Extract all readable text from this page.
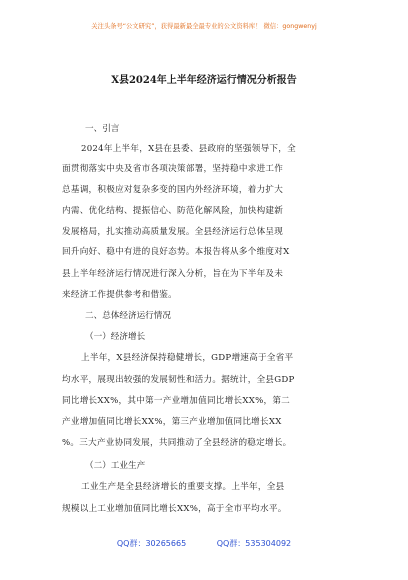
关注头条号“公文研究”，获得最新最全最专业的公文资料库！ 微信：gongwenyj
X县2024年上半年经济运行情况分析报告
一、引言
2024年上半年，X县在县委、县政府的坚强领导下，全
面贯彻落实中央及省市各项决策部署，坚持稳中求进工作
总基调，积极应对复杂多变的国内外经济环境，着力扩大
内需、优化结构、提振信心、防范化解风险，加快构建新
发展格局，扎实推动高质量发展。全县经济运行总体呈现
回升向好、稳中有进的良好态势。本报告将从多个维度对X
县上半年经济运行情况进行深入分析，旨在为下半年及未
来经济工作提供参考和借鉴。
二、总体经济运行情况
（一）经济增长
上半年，X县经济保持稳健增长，GDP增速高于全省平
均水平，展现出较强的发展韧性和活力。据统计，全县GDP
同比增长XX%，其中第一产业增加值同比增长XX%，第二
产业增加值同比增长XX%，第三产业增加值同比增长XX
%。三大产业协同发展，共同推动了全县经济的稳定增长。
（二）工业生产
工业生产是全县经济增长的重要支撑。上半年，全县
规模以上工业增加值同比增长XX%，高于全市平均水平。
QQ群：30265665	QQ群：535304092
